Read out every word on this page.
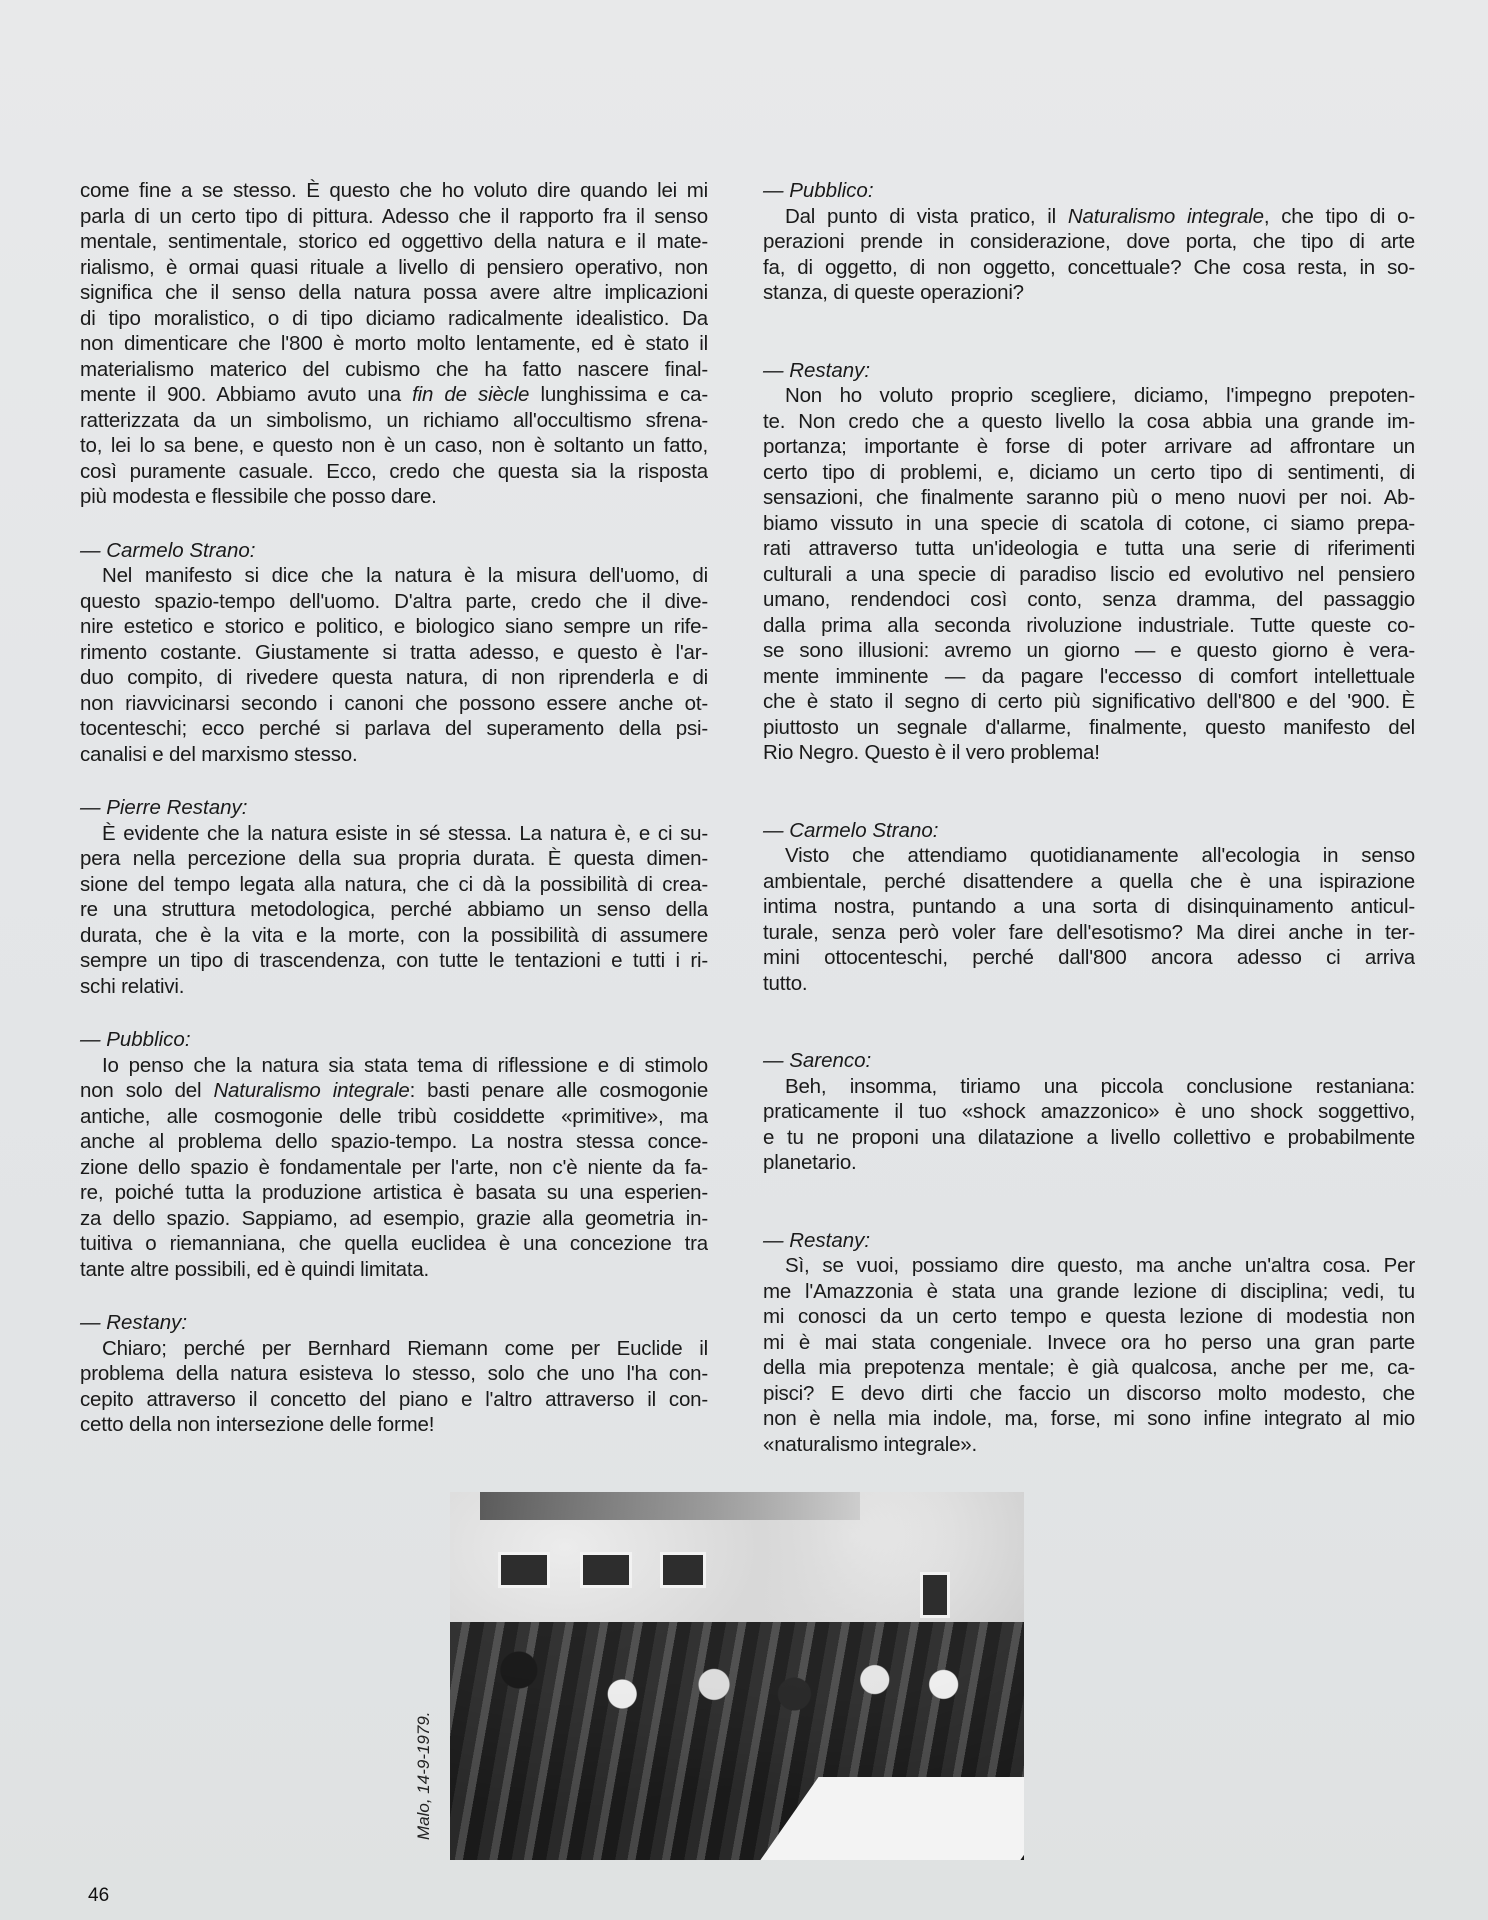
come fine a se stesso. È questo che ho voluto dire quando lei mi
parla di un certo tipo di pittura. Adesso che il rapporto fra il senso
mentale, sentimentale, storico ed oggettivo della natura e il mate-
rialismo, è ormai quasi rituale a livello di pensiero operativo, non
significa che il senso della natura possa avere altre implicazioni
di tipo moralistico, o di tipo diciamo radicalmente idealistico. Da
non dimenticare che l'800 è morto molto lentamente, ed è stato il
materialismo materico del cubismo che ha fatto nascere final-
mente il 900. Abbiamo avuto una fin de siècle lunghissima e ca-
ratterizzata da un simbolismo, un richiamo all'occultismo sfrena-
to, lei lo sa bene, e questo non è un caso, non è soltanto un fatto,
così puramente casuale. Ecco, credo che questa sia la risposta
più modesta e flessibile che posso dare.
— Carmelo Strano:
Nel manifesto si dice che la natura è la misura dell'uomo, di
questo spazio-tempo dell'uomo. D'altra parte, credo che il dive-
nire estetico e storico e politico, e biologico siano sempre un rife-
rimento costante. Giustamente si tratta adesso, e questo è l'ar-
duo compito, di rivedere questa natura, di non riprenderla e di
non riavvicinarsi secondo i canoni che possono essere anche ot-
tocenteschi; ecco perché si parlava del superamento della psi-
canalisi e del marxismo stesso.
— Pierre Restany:
È evidente che la natura esiste in sé stessa. La natura è, e ci su-
pera nella percezione della sua propria durata. È questa dimen-
sione del tempo legata alla natura, che ci dà la possibilità di crea-
re una struttura metodologica, perché abbiamo un senso della
durata, che è la vita e la morte, con la possibilità di assumere
sempre un tipo di trascendenza, con tutte le tentazioni e tutti i ri-
schi relativi.
— Pubblico:
Io penso che la natura sia stata tema di riflessione e di stimolo
non solo del Naturalismo integrale: basti penare alle cosmogonie
antiche, alle cosmogonie delle tribù cosiddette «primitive», ma
anche al problema dello spazio-tempo. La nostra stessa conce-
zione dello spazio è fondamentale per l'arte, non c'è niente da fa-
re, poiché tutta la produzione artistica è basata su una esperien-
za dello spazio. Sappiamo, ad esempio, grazie alla geometria in-
tuitiva o riemanniana, che quella euclidea è una concezione tra
tante altre possibili, ed è quindi limitata.
— Restany:
Chiaro; perché per Bernhard Riemann come per Euclide il
problema della natura esisteva lo stesso, solo che uno l'ha con-
cepito attraverso il concetto del piano e l'altro attraverso il con-
cetto della non intersezione delle forme!
— Pubblico:
Dal punto di vista pratico, il Naturalismo integrale, che tipo di o-
perazioni prende in considerazione, dove porta, che tipo di arte
fa, di oggetto, di non oggetto, concettuale? Che cosa resta, in so-
stanza, di queste operazioni?
— Restany:
Non ho voluto proprio scegliere, diciamo, l'impegno prepoten-
te. Non credo che a questo livello la cosa abbia una grande im-
portanza; importante è forse di poter arrivare ad affrontare un
certo tipo di problemi, e, diciamo un certo tipo di sentimenti, di
sensazioni, che finalmente saranno più o meno nuovi per noi. Ab-
biamo vissuto in una specie di scatola di cotone, ci siamo prepa-
rati attraverso tutta un'ideologia e tutta una serie di riferimenti
culturali a una specie di paradiso liscio ed evolutivo nel pensiero
umano, rendendoci così conto, senza dramma, del passaggio
dalla prima alla seconda rivoluzione industriale. Tutte queste co-
se sono illusioni: avremo un giorno — e questo giorno è vera-
mente imminente — da pagare l'eccesso di comfort intellettuale
che è stato il segno di certo più significativo dell'800 e del '900. È
piuttosto un segnale d'allarme, finalmente, questo manifesto del
Rio Negro. Questo è il vero problema!
— Carmelo Strano:
Visto che attendiamo quotidianamente all'ecologia in senso
ambientale, perché disattendere a quella che è una ispirazione
intima nostra, puntando a una sorta di disinquinamento anticul-
turale, senza però voler fare dell'esotismo? Ma direi anche in ter-
mini ottocenteschi, perché dall'800 ancora adesso ci arriva
tutto.
— Sarenco:
Beh, insomma, tiriamo una piccola conclusione restaniana:
praticamente il tuo «shock amazzonico» è uno shock soggettivo,
e tu ne proponi una dilatazione a livello collettivo e probabilmente
planetario.
— Restany:
Sì, se vuoi, possiamo dire questo, ma anche un'altra cosa. Per
me l'Amazzonia è stata una grande lezione di disciplina; vedi, tu
mi conosci da un certo tempo e questa lezione di modestia non
mi è mai stata congeniale. Invece ora ho perso una gran parte
della mia prepotenza mentale; è già qualcosa, anche per me, ca-
pisci? E devo dirti che faccio un discorso molto modesto, che
non è nella mia indole, ma, forse, mi sono infine integrato al mio
«naturalismo integrale».
Malo, 14-9-1979.
46
